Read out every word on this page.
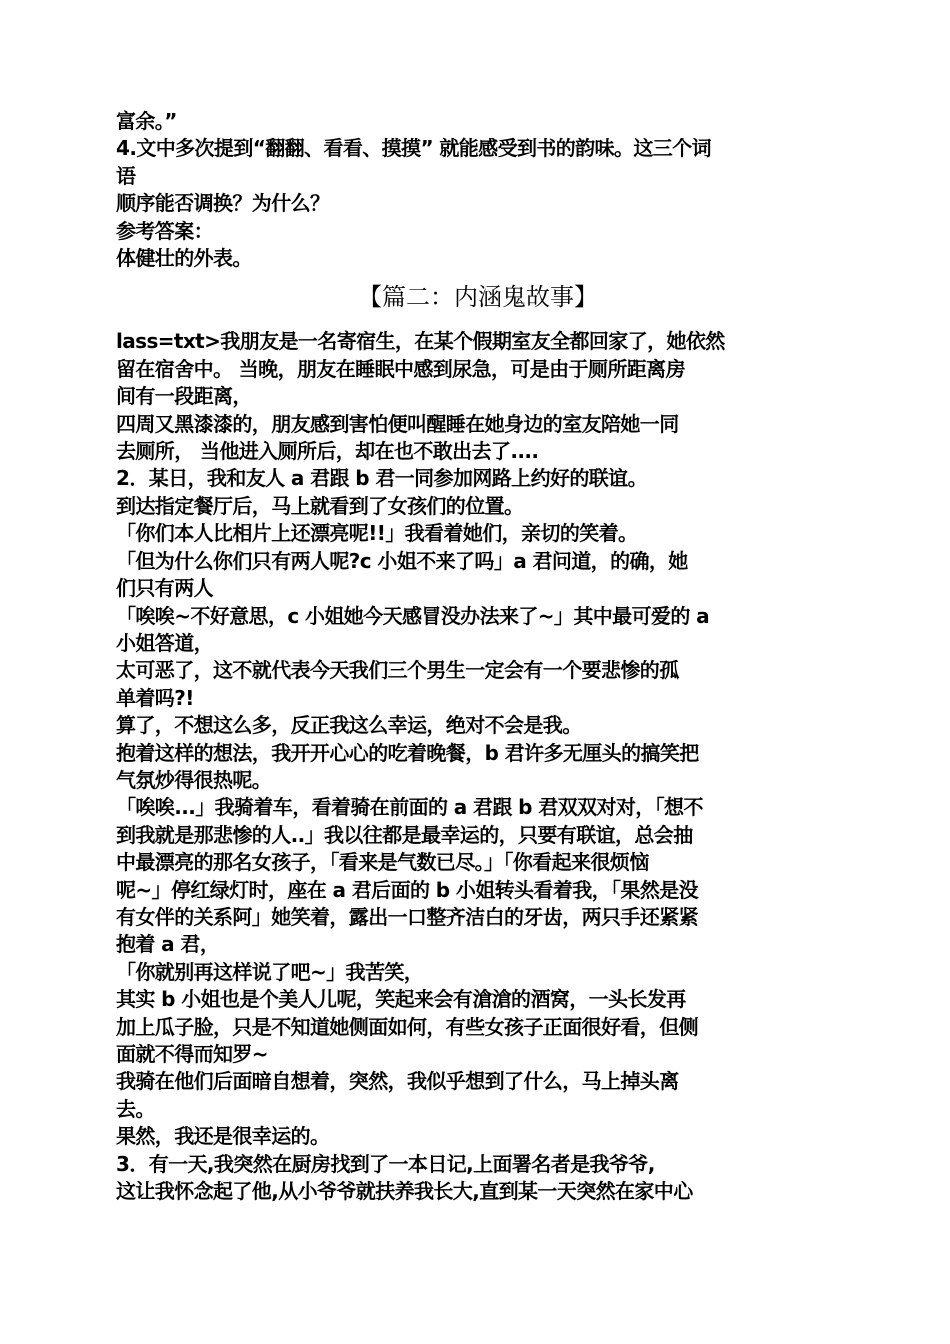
富余。”
4.文中多次提到“翻翻、看看、摸摸” 就能感受到书的韵味。这三个词
语
顺序能否调换？为什么？
参考答案：
体健壮的外表。
【篇二：内涵鬼故事】
lass=txt>我朋友是一名寄宿生，在某个假期室友全都回家了，她依然
留在宿舍中。 当晚，朋友在睡眠中感到尿急，可是由于厕所距离房
间有一段距离，
四周又黑漆漆的，朋友感到害怕便叫醒睡在她身边的室友陪她一同
去厕所， 当他进入厕所后，却在也不敢出去了....
2．某日，我和友人 a 君跟 b 君一同参加网路上约好的联谊。
到达指定餐厅后，马上就看到了女孩们的位置。
「你们本人比相片上还漂亮呢!!」我看着她们，亲切的笑着。
「但为什么你们只有两人呢?c 小姐不来了吗」a 君问道，的确，她
们只有两人
「唉唉~不好意思，c 小姐她今天感冒没办法来了~」其中最可爱的 a
小姐答道，
太可恶了，这不就代表今天我们三个男生一定会有一个要悲惨的孤
单着吗?!
算了，不想这么多，反正我这么幸运，绝对不会是我。
抱着这样的想法，我开开心心的吃着晚餐，b 君许多无厘头的搞笑把
气氛炒得很热呢。
「唉唉...」我骑着车，看着骑在前面的 a 君跟 b 君双双对对，「想不
到我就是那悲惨的人..」我以往都是最幸运的，只要有联谊，总会抽
中最漂亮的那名女孩子，「看来是气数已尽。」「你看起来很烦恼
呢~」停红绿灯时，座在 a 君后面的 b 小姐转头看着我，「果然是没
有女伴的关系阿」她笑着，露出一口整齐洁白的牙齿，两只手还紧紧
抱着 a 君，
「你就别再这样说了吧~」我苦笑，
其实 b 小姐也是个美人儿呢，笑起来会有滄滄的酒窝，一头长发再
加上瓜子脸，只是不知道她侧面如何，有些女孩子正面很好看，但侧
面就不得而知罗~
我骑在他们后面暗自想着，突然，我似乎想到了什么，马上掉头离
去。
果然，我还是很幸运的。
3．有一天,我突然在厨房找到了一本日记,上面署名者是我爷爷,
这让我怀念起了他,从小爷爷就扶养我长大,直到某一天突然在家中心
